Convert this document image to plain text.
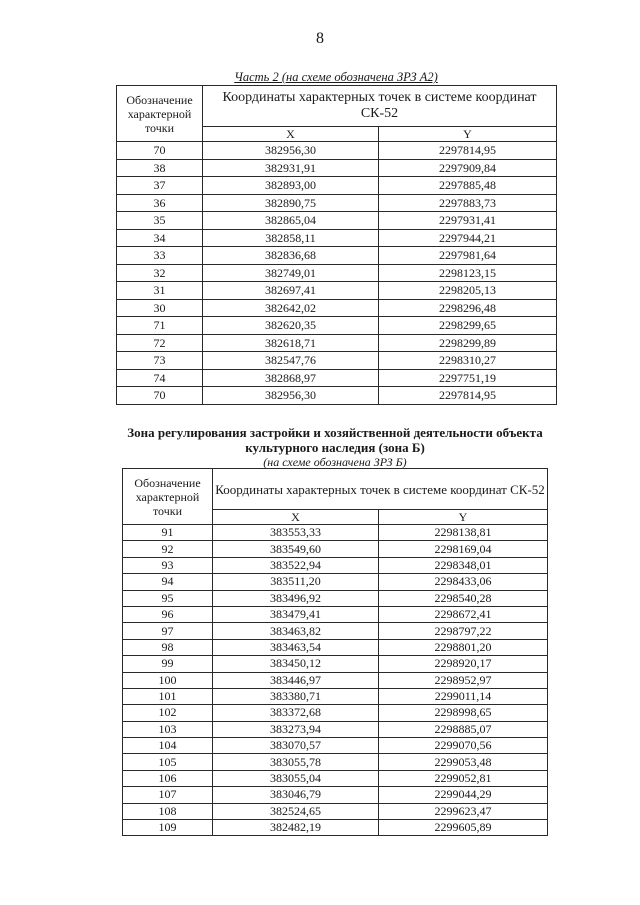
8
Часть 2 (на схеме обозначена ЗРЗ А2)
Обозначение характерной точки	Координаты характерных точек в системе координат СК-52	
	X	Y
70	382956,30	2297814,95
38	382931,91	2297909,84
37	382893,00	2297885,48
36	382890,75	2297883,73
35	382865,04	2297931,41
34	382858,11	2297944,21
33	382836,68	2297981,64
32	382749,01	2298123,15
31	382697,41	2298205,13
30	382642,02	2298296,48
71	382620,35	2298299,65
72	382618,71	2298299,89
73	382547,76	2298310,27
74	382868,97	2297751,19
70	382956,30	2297814,95
Зона регулирования застройки и хозяйственной деятельности объекта культурного наследия (зона Б)
(на схеме обозначена ЗРЗ Б)
Обозначение характерной точки	Координаты характерных точек в системе координат СК-52	
	X	Y
91	383553,33	2298138,81
92	383549,60	2298169,04
93	383522,94	2298348,01
94	383511,20	2298433,06
95	383496,92	2298540,28
96	383479,41	2298672,41
97	383463,82	2298797,22
98	383463,54	2298801,20
99	383450,12	2298920,17
100	383446,97	2298952,97
101	383380,71	2299011,14
102	383372,68	2298998,65
103	383273,94	2298885,07
104	383070,57	2299070,56
105	383055,78	2299053,48
106	383055,04	2299052,81
107	383046,79	2299044,29
108	382524,65	2299623,47
109	382482,19	2299605,89
